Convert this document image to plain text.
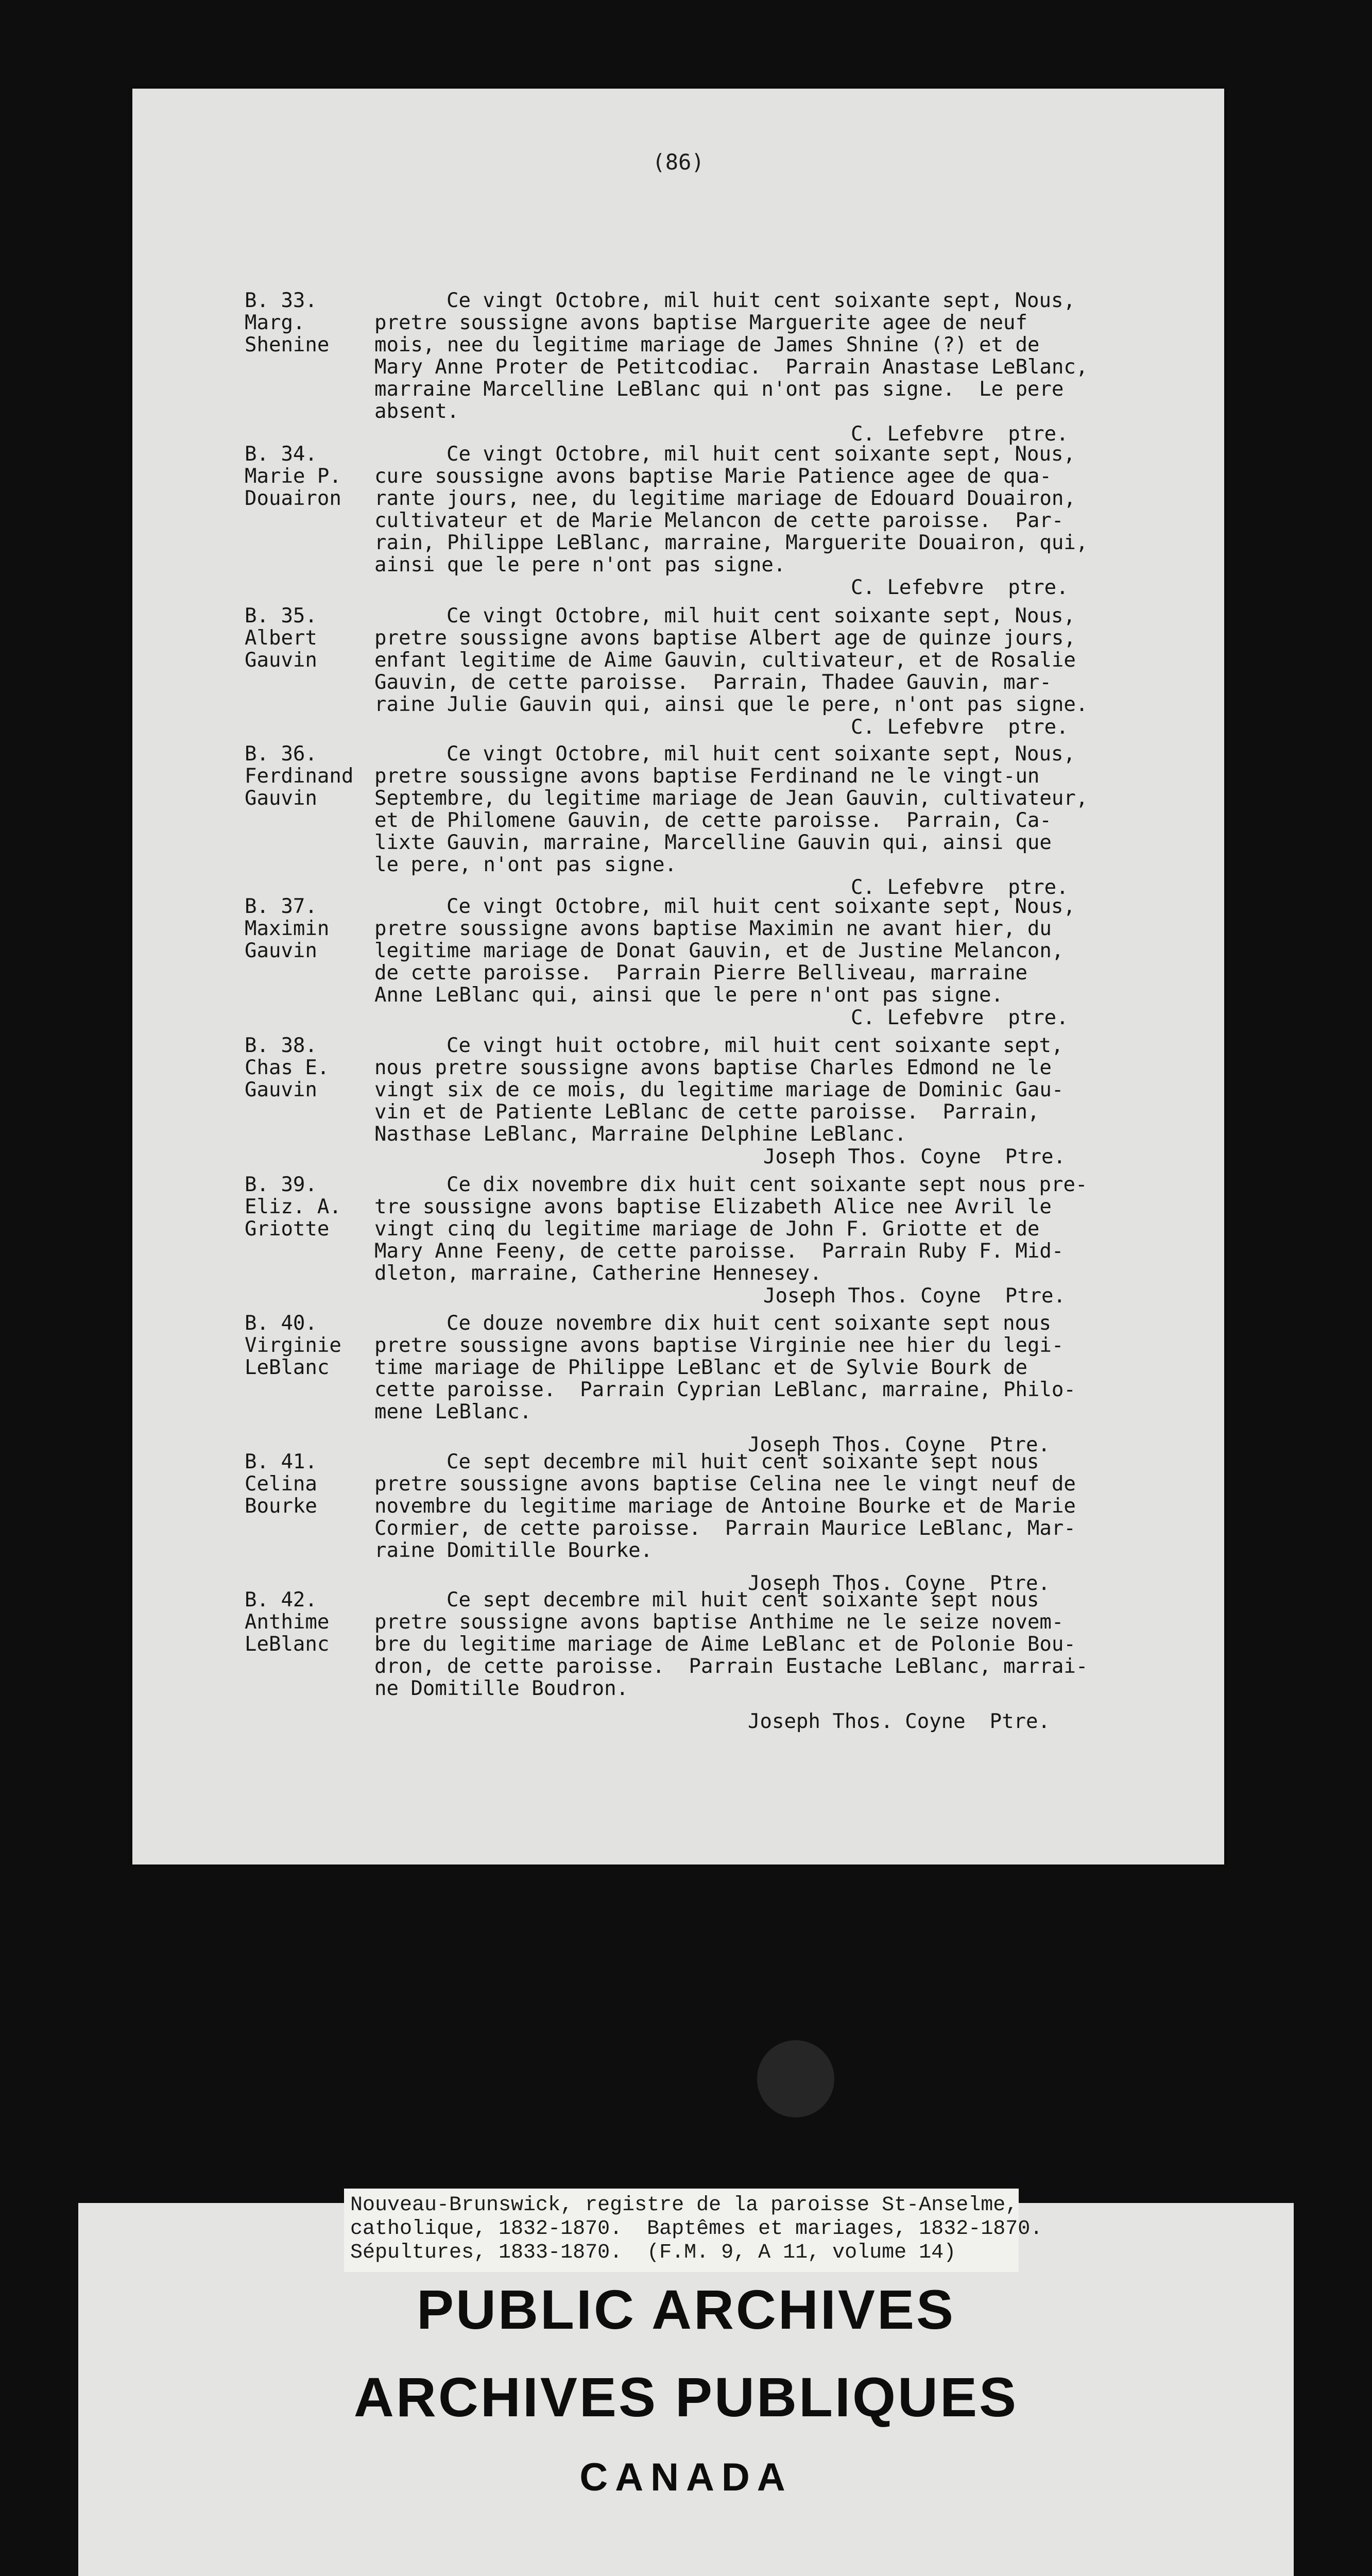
(86)
B. 33.
Marg.
Shenine
Ce vingt Octobre, mil huit cent soixante sept, Nous,
pretre soussigne avons baptise Marguerite agee de neuf
mois, nee du legitime mariage de James Shnine (?) et de
Mary Anne Proter de Petitcodiac.  Parrain Anastase LeBlanc,
marraine Marcelline LeBlanc qui n'ont pas signe.  Le pere
absent.
C. Lefebvre  ptre.
B. 34.
Marie P.
Douairon
Ce vingt Octobre, mil huit cent soixante sept, Nous,
cure soussigne avons baptise Marie Patience agee de qua-
rante jours, nee, du legitime mariage de Edouard Douairon,
cultivateur et de Marie Melancon de cette paroisse.  Par-
rain, Philippe LeBlanc, marraine, Marguerite Douairon, qui,
ainsi que le pere n'ont pas signe.
C. Lefebvre  ptre.
B. 35.
Albert
Gauvin
Ce vingt Octobre, mil huit cent soixante sept, Nous,
pretre soussigne avons baptise Albert age de quinze jours,
enfant legitime de Aime Gauvin, cultivateur, et de Rosalie
Gauvin, de cette paroisse.  Parrain, Thadee Gauvin, mar-
raine Julie Gauvin qui, ainsi que le pere, n'ont pas signe.
C. Lefebvre  ptre.
B. 36.
Ferdinand
Gauvin
Ce vingt Octobre, mil huit cent soixante sept, Nous,
pretre soussigne avons baptise Ferdinand ne le vingt-un
Septembre, du legitime mariage de Jean Gauvin, cultivateur,
et de Philomene Gauvin, de cette paroisse.  Parrain, Ca-
lixte Gauvin, marraine, Marcelline Gauvin qui, ainsi que
le pere, n'ont pas signe.
C. Lefebvre  ptre.
B. 37.
Maximin
Gauvin
Ce vingt Octobre, mil huit cent soixante sept, Nous,
pretre soussigne avons baptise Maximin ne avant hier, du
legitime mariage de Donat Gauvin, et de Justine Melancon,
de cette paroisse.  Parrain Pierre Belliveau, marraine
Anne LeBlanc qui, ainsi que le pere n'ont pas signe.
C. Lefebvre  ptre.
B. 38.
Chas E.
Gauvin
Ce vingt huit octobre, mil huit cent soixante sept,
nous pretre soussigne avons baptise Charles Edmond ne le
vingt six de ce mois, du legitime mariage de Dominic Gau-
vin et de Patiente LeBlanc de cette paroisse.  Parrain,
Nasthase LeBlanc, Marraine Delphine LeBlanc.
Joseph Thos. Coyne  Ptre.
B. 39.
Eliz. A.
Griotte
Ce dix novembre dix huit cent soixante sept nous pre-
tre soussigne avons baptise Elizabeth Alice nee Avril le
vingt cinq du legitime mariage de John F. Griotte et de
Mary Anne Feeny, de cette paroisse.  Parrain Ruby F. Mid-
dleton, marraine, Catherine Hennesey.
Joseph Thos. Coyne  Ptre.
B. 40.
Virginie
LeBlanc
Ce douze novembre dix huit cent soixante sept nous
pretre soussigne avons baptise Virginie nee hier du legi-
time mariage de Philippe LeBlanc et de Sylvie Bourk de
cette paroisse.  Parrain Cyprian LeBlanc, marraine, Philo-
mene LeBlanc.
Joseph Thos. Coyne  Ptre.
B. 41.
Celina
Bourke
Ce sept decembre mil huit cent soixante sept nous
pretre soussigne avons baptise Celina nee le vingt neuf de
novembre du legitime mariage de Antoine Bourke et de Marie
Cormier, de cette paroisse.  Parrain Maurice LeBlanc, Mar-
raine Domitille Bourke.
Joseph Thos. Coyne  Ptre.
B. 42.
Anthime
LeBlanc
Ce sept decembre mil huit cent soixante sept nous
pretre soussigne avons baptise Anthime ne le seize novem-
bre du legitime mariage de Aime LeBlanc et de Polonie Bou-
dron, de cette paroisse.  Parrain Eustache LeBlanc, marrai-
ne Domitille Boudron.
Joseph Thos. Coyne  Ptre.
Nouveau-Brunswick, registre de la paroisse St-Anselme,
catholique, 1832-1870.  Baptêmes et mariages, 1832-1870.
Sépultures, 1833-1870.  (F.M. 9, A 11, volume 14)
PUBLIC ARCHIVES
ARCHIVES PUBLIQUES
CANADA
